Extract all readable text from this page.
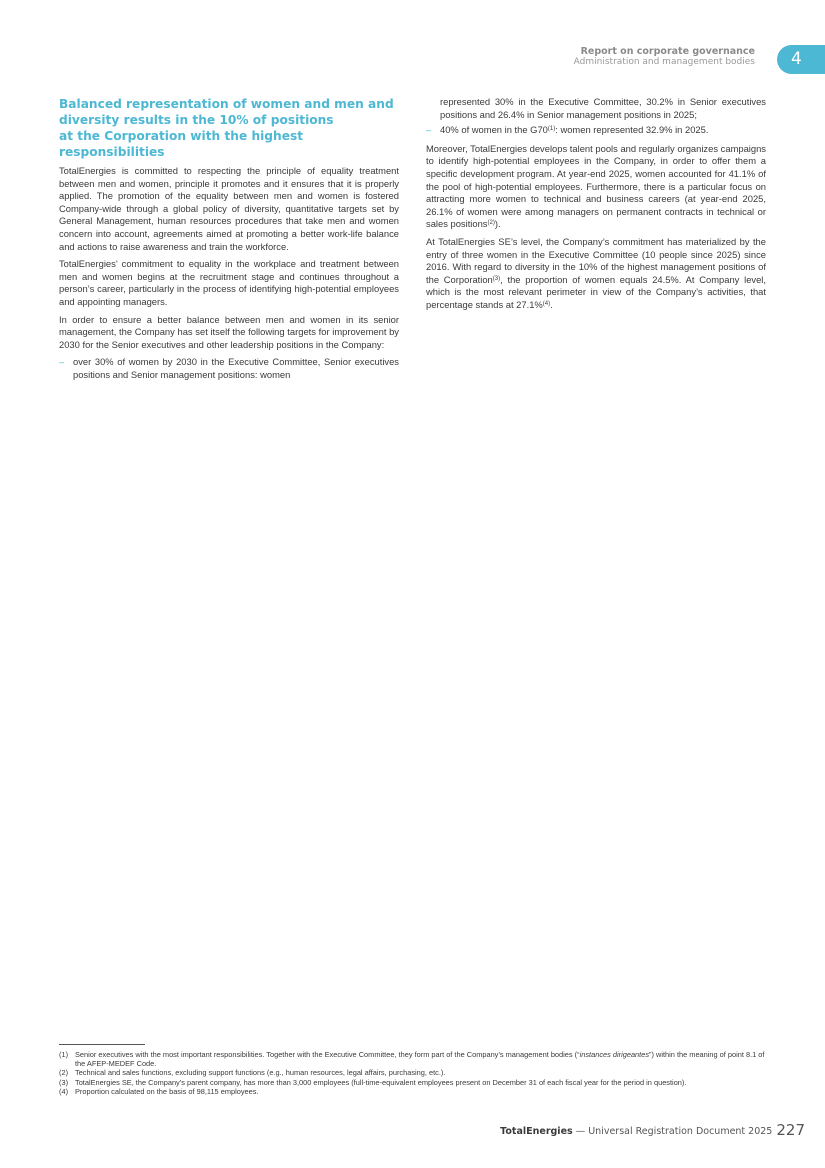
Report on corporate governance
Administration and management bodies	4
Balanced representation of women and men and
diversity results in the 10% of positions
at the Corporation with the highest responsibilities

TotalEnergies is committed to respecting the principle of equality treatment between men and women, principle it promotes and it ensures that it is properly applied. The promotion of the equality between men and women is fostered Company-wide through a global policy of diversity, quantitative targets set by General Management, human resources procedures that take men and women concern into account, agreements aimed at promoting a better work-life balance and actions to raise awareness and train the workforce.

TotalEnergies’ commitment to equality in the workplace and treatment between men and women begins at the recruitment stage and continues throughout a person’s career, particularly in the process of identifying high-potential employees and appointing managers.

In order to ensure a better balance between men and women in its senior management, the Company has set itself the following targets for improvement by 2030 for the Senior executives and other leadership positions in the Company:

– over 30% of women by 2030 in the Executive Committee, Senior executives positions and Senior management positions: women
represented 30% in the Executive Committee, 30.2% in Senior executives positions and 26.4% in Senior management positions in 2025;
– 40% of women in the G70$^{(1)}$: women represented 32.9% in 2025.

Moreover, TotalEnergies develops talent pools and regularly organizes campaigns to identify high-potential employees in the Company, in order to offer them a specific development program. At year-end 2025, women accounted for 41.1% of the pool of high-potential employees. Furthermore, there is a particular focus on attracting more women to technical and business careers (at year-end 2025, 26.1% of women were among managers on permanent contracts in technical or sales positions$^{(2)}$).

At TotalEnergies SE’s level, the Company’s commitment has materialized by the entry of three women in the Executive Committee (10 people since 2025) since 2016. With regard to diversity in the 10% of the highest management positions of the Corporation$^{(3)}$, the proportion of women equals 24.5%. At Company level, which is the most relevant perimeter in view of the Company’s activities, that percentage stands at 27.1%$^{(4)}$.

(1) Senior executives with the most important responsibilities. Together with the Executive Committee, they form part of the Company’s management bodies (“instances dirigeantes”) within the meaning of point 8.1 of the AFEP-MEDEF Code.
(2) Technical and sales functions, excluding support functions (e.g., human resources, legal affairs, purchasing, etc.).
(3) TotalEnergies SE, the Company’s parent company, has more than 3,000 employees (full-time-equivalent employees present on December 31 of each fiscal year for the period in question).
(4) Proportion calculated on the basis of 98,115 employees.
TotalEnergies — Universal Registration Document 2025 227
